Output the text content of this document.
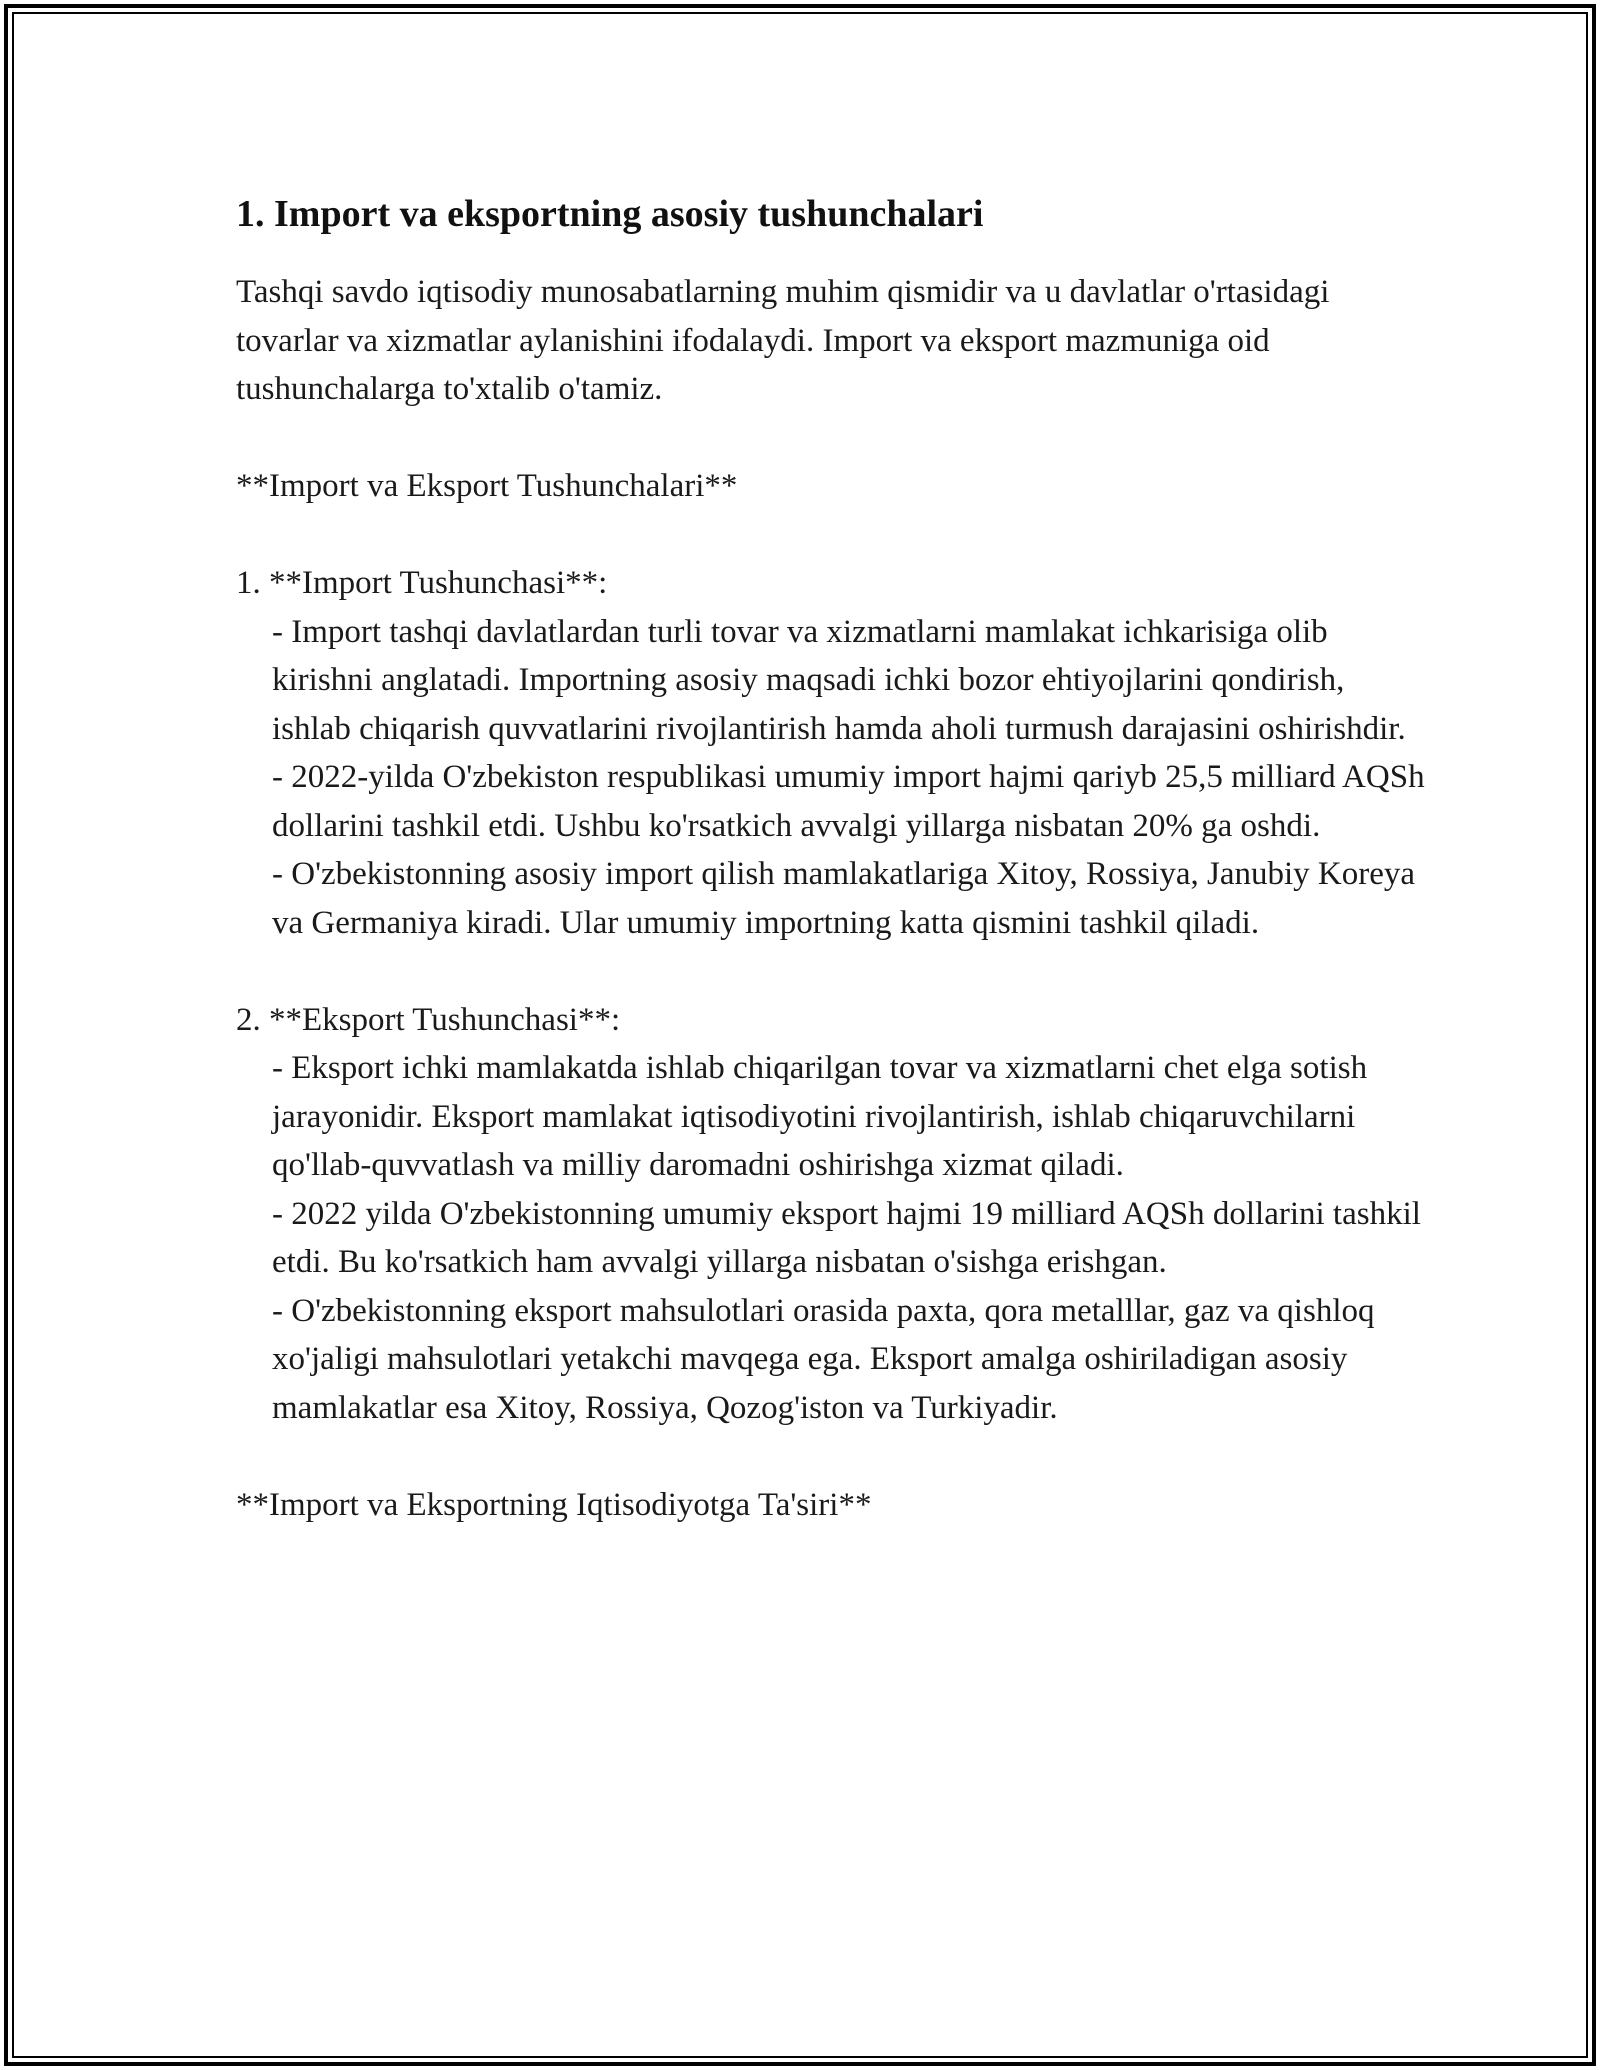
1. Import va eksportning asosiy tushunchalari

Tashqi savdo iqtisodiy munosabatlarning muhim qismidir va u davlatlar o'rtasidagi tovarlar va xizmatlar aylanishini ifodalaydi. Import va eksport mazmuniga oid tushunchalarga to'xtalib o'tamiz.

**Import va Eksport Tushunchalari**

1. **Import Tushunchasi**:

- Import tashqi davlatlardan turli tovar va xizmatlarni mamlakat ichkarisiga olib kirishni anglatadi. Importning asosiy maqsadi ichki bozor ehtiyojlarini qondirish, ishlab chiqarish quvvatlarini rivojlantirish hamda aholi turmush darajasini oshirishdir.

- 2022-yilda O'zbekiston respublikasi umumiy import hajmi qariyb 25,5 milliard AQSh dollarini tashkil etdi. Ushbu ko'rsatkich avvalgi yillarga nisbatan 20% ga oshdi.

- O'zbekistonning asosiy import qilish mamlakatlariga Xitoy, Rossiya, Janubiy Koreya va Germaniya kiradi. Ular umumiy importning katta qismini tashkil qiladi.

2. **Eksport Tushunchasi**:

- Eksport ichki mamlakatda ishlab chiqarilgan tovar va xizmatlarni chet elga sotish jarayonidir. Eksport mamlakat iqtisodiyotini rivojlantirish, ishlab chiqaruvchilarni qo'llab-quvvatlash va milliy daromadni oshirishga xizmat qiladi.

- 2022 yilda O'zbekistonning umumiy eksport hajmi 19 milliard AQSh dollarini tashkil etdi. Bu ko'rsatkich ham avvalgi yillarga nisbatan o'sishga erishgan.

- O'zbekistonning eksport mahsulotlari orasida paxta, qora metalllar, gaz va qishloq xo'jaligi mahsulotlari yetakchi mavqega ega. Eksport amalga oshiriladigan asosiy mamlakatlar esa Xitoy, Rossiya, Qozog'iston va Turkiyadir.

**Import va Eksportning Iqtisodiyotga Ta'siri**
